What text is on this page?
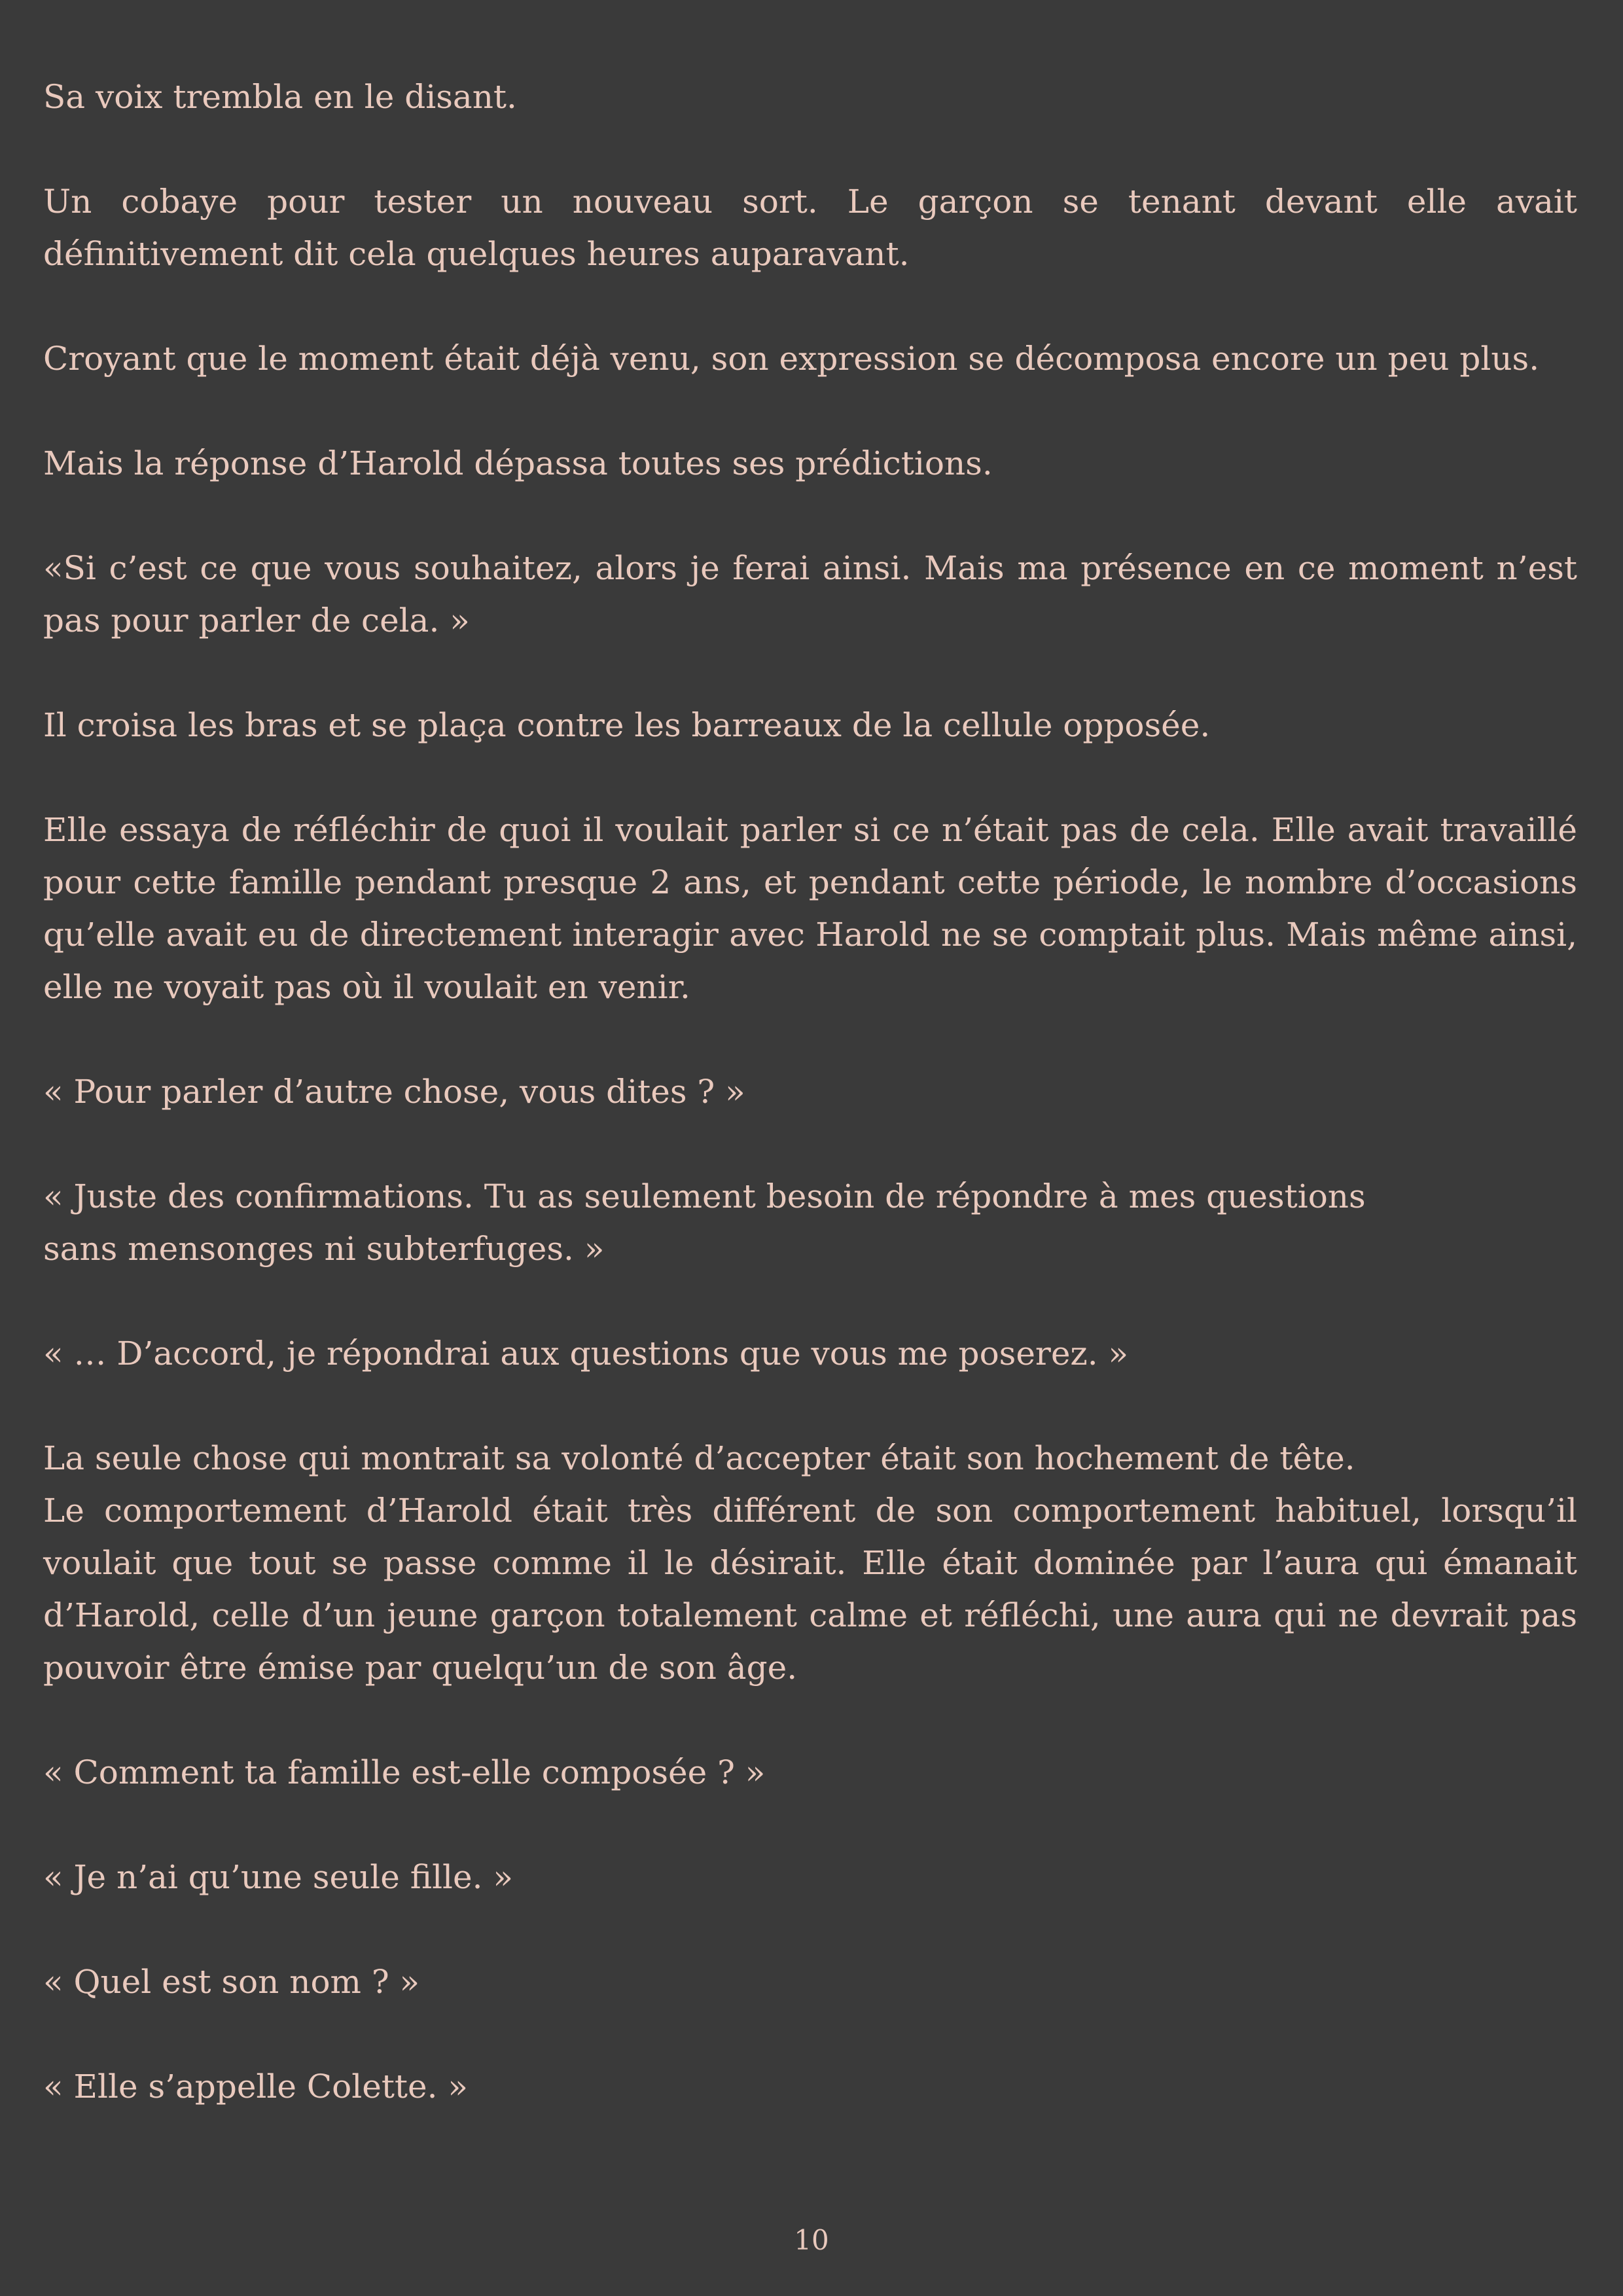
Sa voix trembla en le disant.

Un cobaye pour tester un nouveau sort. Le garçon se tenant devant elle avait définitivement dit cela quelques heures auparavant.

Croyant que le moment était déjà venu, son expression se décomposa encore un peu plus.

Mais la réponse d’Harold dépassa toutes ses prédictions.

«Si c’est ce que vous souhaitez, alors je ferai ainsi. Mais ma présence en ce moment n’est pas pour parler de cela. »

Il croisa les bras et se plaça contre les barreaux de la cellule opposée.

Elle essaya de réfléchir de quoi il voulait parler si ce n’était pas de cela. Elle avait travaillé pour cette famille pendant presque 2 ans, et pendant cette période, le nombre d’occasions qu’elle avait eu de directement interagir avec Harold ne se comptait plus. Mais même ainsi, elle ne voyait pas où il voulait en venir.

« Pour parler d’autre chose, vous dites ? »

« Juste des confirmations. Tu as seulement besoin de répondre à mes questions
sans mensonges ni subterfuges. »

« … D’accord, je répondrai aux questions que vous me poserez. »

La seule chose qui montrait sa volonté d’accepter était son hochement de tête.
Le comportement d’Harold était très différent de son comportement habituel, lorsqu’il voulait que tout se passe comme il le désirait. Elle était dominée par l’aura qui émanait d’Harold, celle d’un jeune garçon totalement calme et réfléchi, une aura qui ne devrait pas pouvoir être émise par quelqu’un de son âge.

« Comment ta famille est-elle composée ? »

« Je n’ai qu’une seule fille. »

« Quel est son nom ? »

« Elle s’appelle Colette. »

10
